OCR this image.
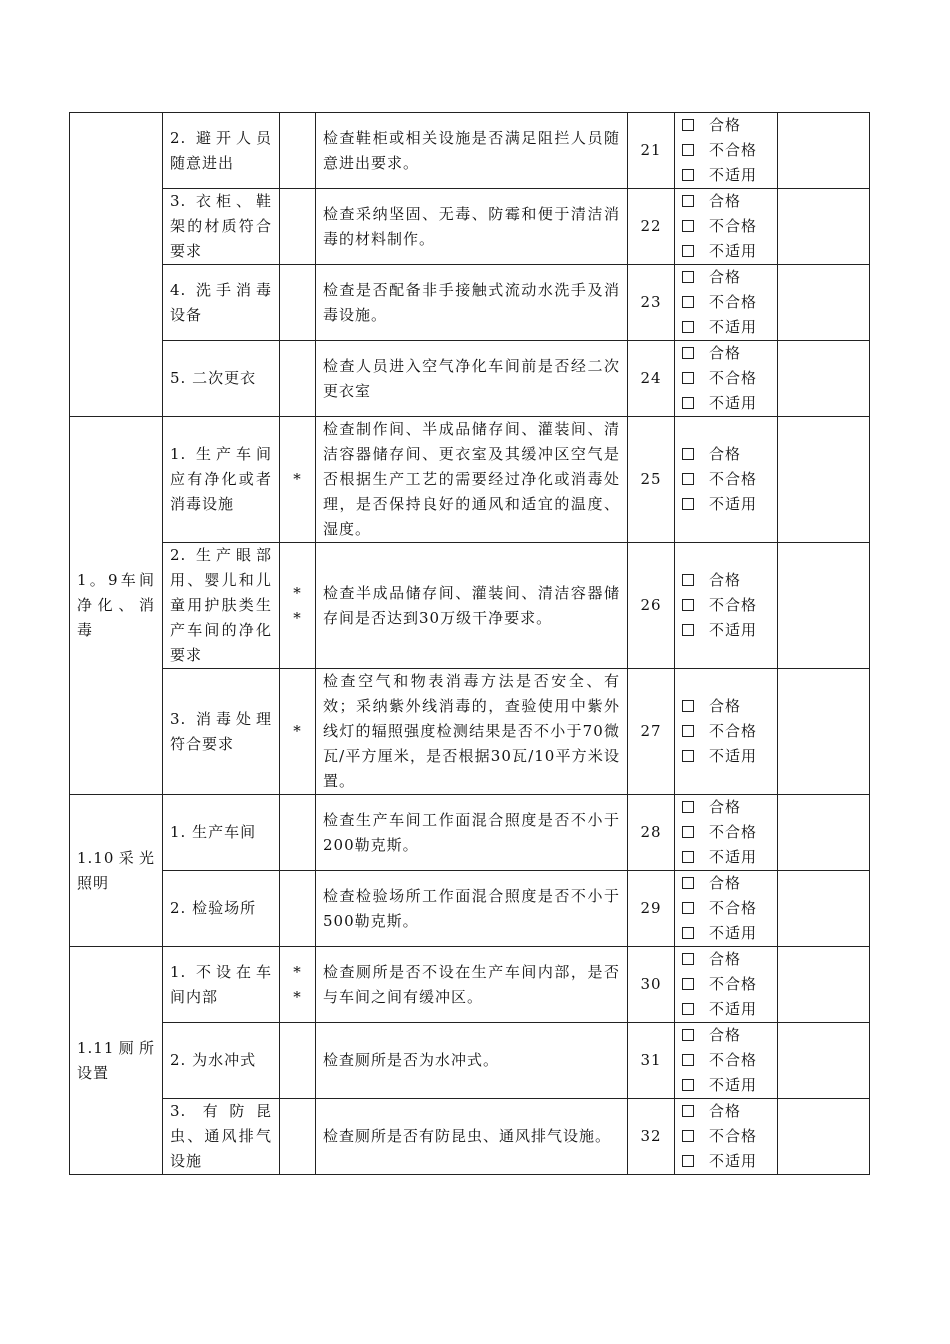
	2. 避开人员随意进出		检查鞋柜或相关设施是否满足阻拦人员随意进出要求。	21	合格
不合格
不适用	

	3. 衣柜、鞋架的材质符合要求		检查采纳坚固、无毒、防霉和便于清洁消毒的材料制作。	22	合格
不合格
不适用	

	4. 洗手消毒设备		检查是否配备非手接触式流动水洗手及消毒设施。	23	合格
不合格
不适用	

	5. 二次更衣		检查人员进入空气净化车间前是否经二次更衣室	24	合格
不合格
不适用	

1。9车间净化、消毒	1. 生产车间应有净化或者消毒设施	*	检查制作间、半成品储存间、灌装间、清洁容器储存间、更衣室及其缓冲区空气是否根据生产工艺的需要经过净化或消毒处理，是否保持良好的通风和适宜的温度、湿度。	25	合格
不合格
不适用	

	2. 生产眼部用、婴儿和儿童用护肤类生产车间的净化要求	* *	检查半成品储存间、灌装间、清洁容器储存间是否达到30万级干净要求。	26	合格
不合格
不适用	

	3. 消毒处理符合要求	*	检查空气和物表消毒方法是否安全、有效；采纳紫外线消毒的，查验使用中紫外线灯的辐照强度检测结果是否不小于70微瓦/平方厘米，是否根据30瓦/10平方米设置。	27	合格
不合格
不适用	

1.10采光照明	1. 生产车间		检查生产车间工作面混合照度是否不小于200勒克斯。	28	合格
不合格
不适用	

	2. 检验场所		检查检验场所工作面混合照度是否不小于500勒克斯。	29	合格
不合格
不适用	

1.11厕所设置	1. 不设在车间内部	* *	检查厕所是否不设在生产车间内部，是否与车间之间有缓冲区。	30	合格
不合格
不适用	

	2. 为水冲式		检查厕所是否为水冲式。	31	合格
不合格
不适用	

	3. 有防昆虫、通风排气设施		检查厕所是否有防昆虫、通风排气设施。	32	合格
不合格
不适用	
